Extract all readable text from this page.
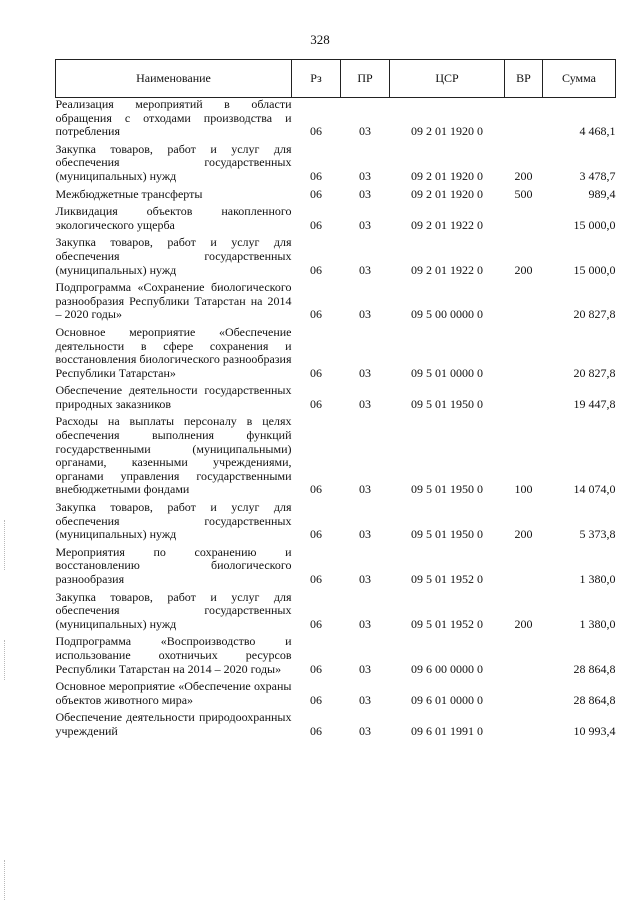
328
Наименование	Рз	ПР	ЦСР	ВР	Сумма
Реализация мероприятий в области обращения с отходами производства и потребления	06	03	09 2 01 1920 0		4 468,1
Закупка товаров, работ и услуг для обеспечения государственных (муниципальных) нужд	06	03	09 2 01 1920 0	200	3 478,7
Межбюджетные трансферты	06	03	09 2 01 1920 0	500	989,4
Ликвидация объектов накопленного экологического ущерба	06	03	09 2 01 1922 0		15 000,0
Закупка товаров, работ и услуг для обеспечения государственных (муниципальных) нужд	06	03	09 2 01 1922 0	200	15 000,0
Подпрограмма «Сохранение биологического разнообразия Республики Татарстан на 2014 – 2020 годы»	06	03	09 5 00 0000 0		20 827,8
Основное мероприятие «Обеспечение деятельности в сфере сохранения и восстановления биологического разнообразия Республики Татарстан»	06	03	09 5 01 0000 0		20 827,8
Обеспечение деятельности государственных природных заказников	06	03	09 5 01 1950 0		19 447,8
Расходы на выплаты персоналу в целях обеспечения выполнения функций государственными (муниципальными) органами, казенными учреждениями, органами управления государственными внебюджетными фондами	06	03	09 5 01 1950 0	100	14 074,0
Закупка товаров, работ и услуг для обеспечения государственных (муниципальных) нужд	06	03	09 5 01 1950 0	200	5 373,8
Мероприятия по сохранению и восстановлению биологического разнообразия	06	03	09 5 01 1952 0		1 380,0
Закупка товаров, работ и услуг для обеспечения государственных (муниципальных) нужд	06	03	09 5 01 1952 0	200	1 380,0
Подпрограмма «Воспроизводство и использование охотничьих ресурсов Республики Татарстан на 2014 – 2020 годы»	06	03	09 6 00 0000 0		28 864,8
Основное мероприятие «Обеспечение охраны объектов животного мира»	06	03	09 6 01 0000 0		28 864,8
Обеспечение деятельности природоохранных учреждений	06	03	09 6 01 1991 0		10 993,4
